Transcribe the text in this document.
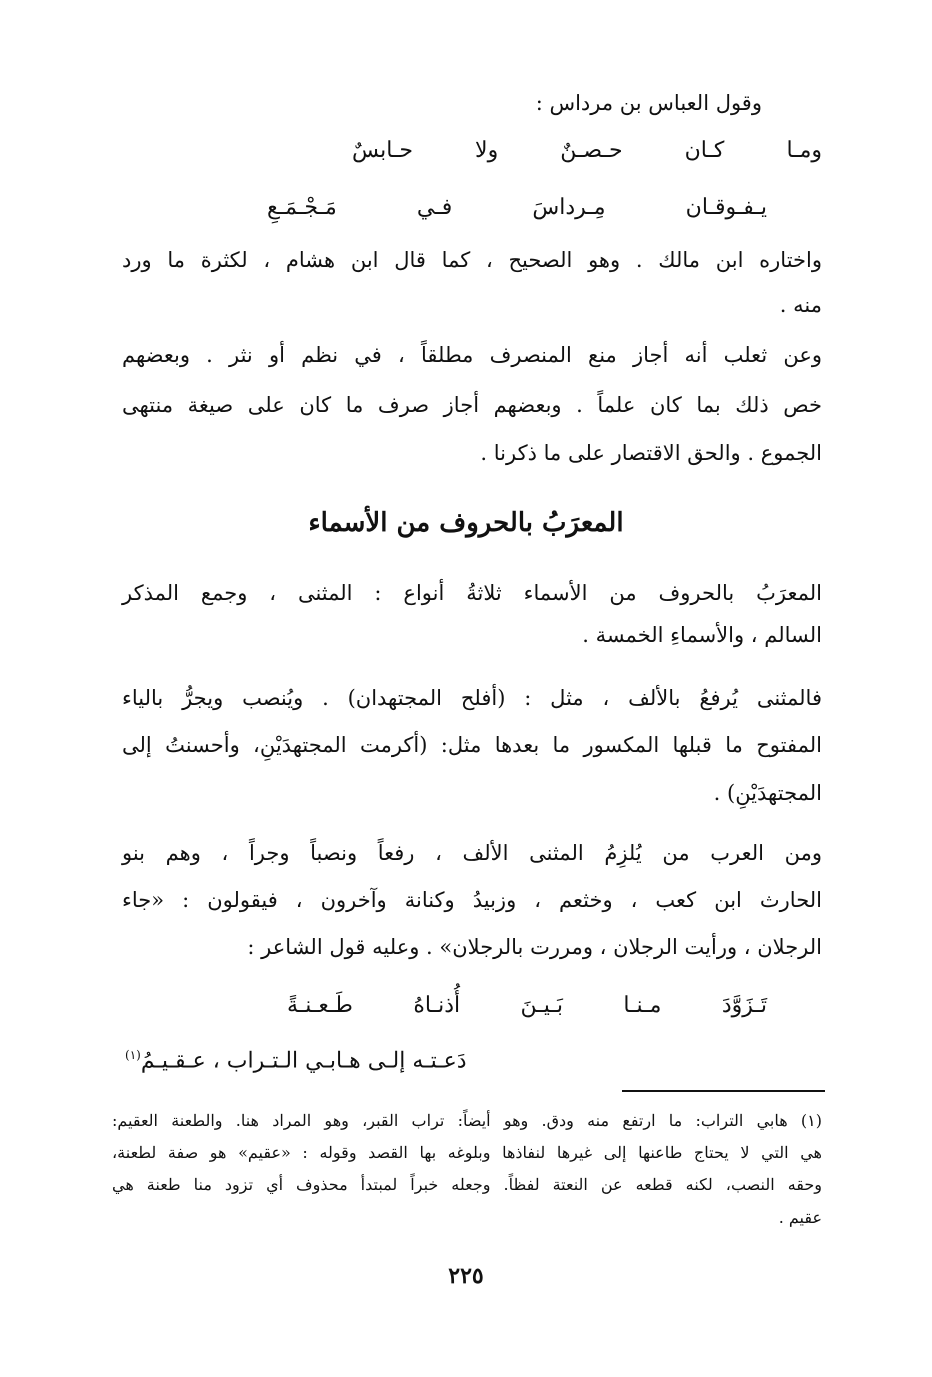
وقول العباس بن مرداس :
ومـا
كـان
حـصـنٌ
ولا
حـابسٌ
يـفـوقـان
مِـرداسَ
فـي
مَـجْـمَـعِ
واختاره ابن مالك . وهو الصحيح ، كما قال ابن هشام ، لكثرة ما ورد
منه .
وعن ثعلب أنه أجاز منع المنصرف مطلقاً ، في نظم أو نثر . وبعضهم
خص ذلك بما كان علماً . وبعضهم أجاز صرف ما كان على صيغة منتهى
الجموع . والحق الاقتصار على ما ذكرنا .
المعرَبُ بالحروف من الأسماء
المعرَبُ بالحروف من الأسماء ثلاثةُ أنواع : المثنى ، وجمع المذكر
السالم ، والأسماءِ الخمسة .
فالمثنى يُرفعُ بالألف ، مثل : (أفلح المجتهدان) . ويُنصب ويجرُّ بالياء
المفتوح ما قبلها المكسور ما بعدها مثل: (أكرمت المجتهدَيْنِ، وأحسنتُ إلى
المجتهدَيْنِ) .
ومن العرب من يُلزِمُ المثنى الألف ، رفعاً ونصباً وجراً ، وهم بنو
الحارث ابن كعب ، وخثعم ، وزبيدُ وكنانة وآخرون ، فيقولون : «جاء
الرجلان ، ورأيت الرجلان ، ومررت بالرجلان» . وعليه قول الشاعر :
تَـزَوَّدَ
مـنـا
بَـيـنَ
أُذنـاهُ
طَـعـنـةً
دَعـتـه إلـى هـابـي الـتـراب ، عـقـيـمُ$^{(١)}$
(١) هابي التراب: ما ارتفع منه ودق. وهو أيضاً: تراب القبر، وهو المراد هنا. والطعنة العقيم:
هي التي لا يحتاج طاعنها إلى غيرها لنفاذها وبلوغه بها القصد وقوله : «عقيم» هو صفة لطعنة،
وحقه النصب، لكنه قطعه عن النعتة لفظاً. وجعله خبراً لمبتدأ محذوف أي تزود منا طعنة هي
عقيم .
٢٢٥
